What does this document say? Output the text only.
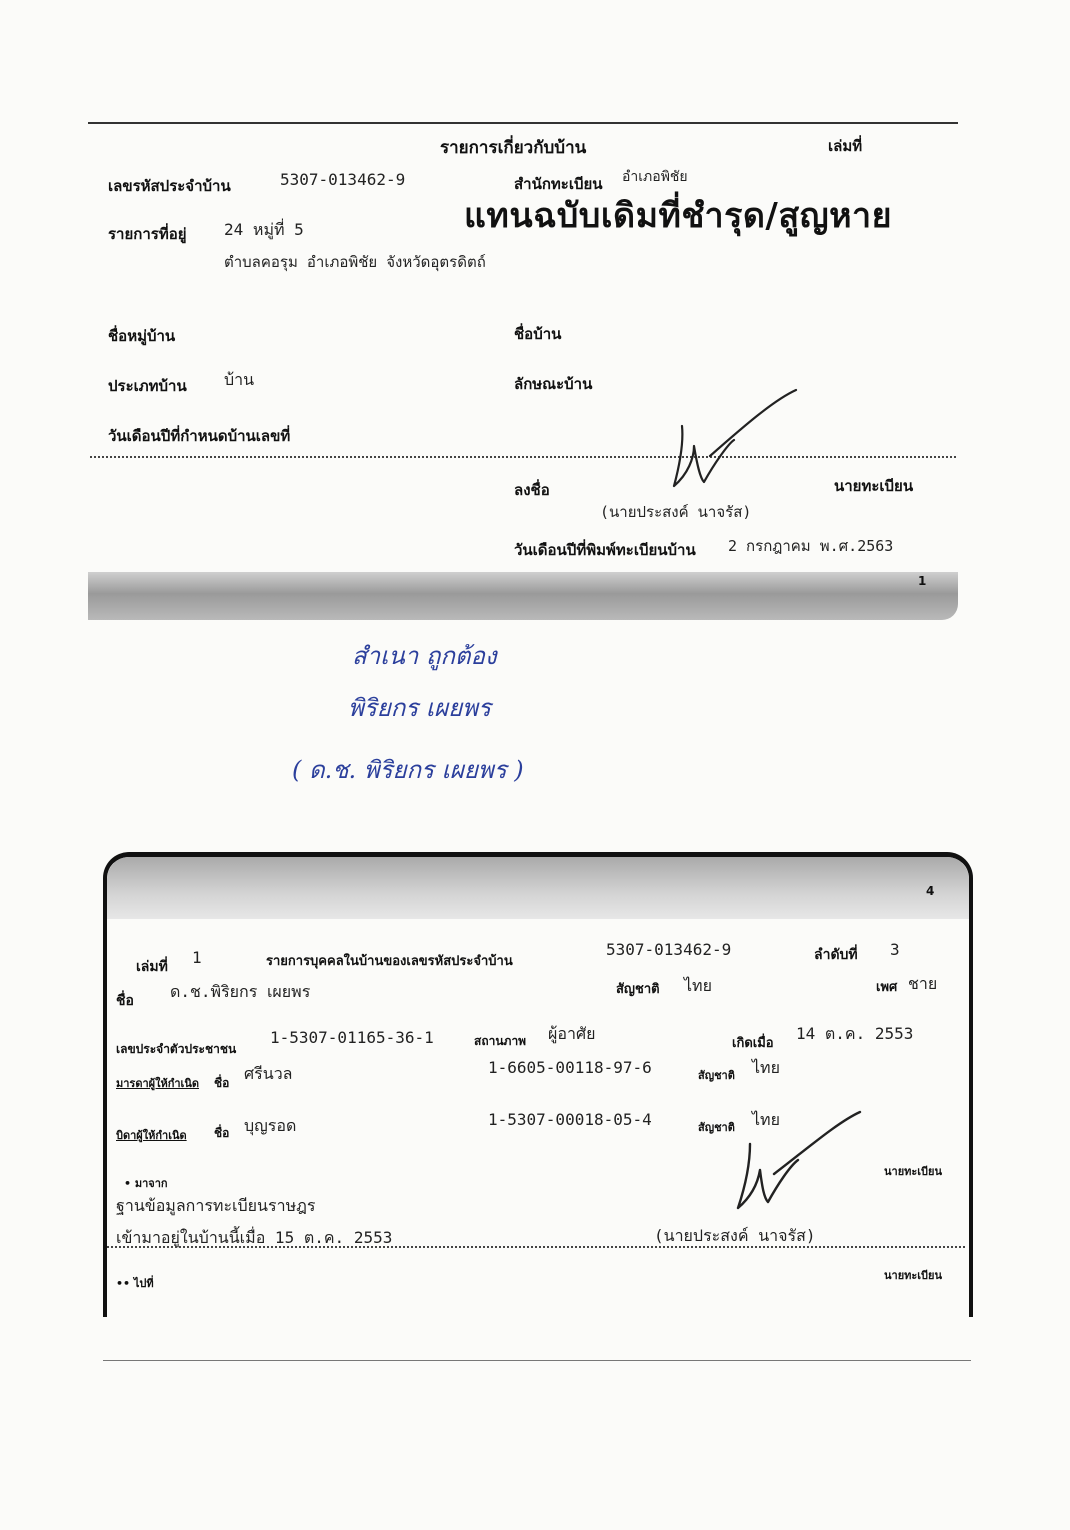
รายการเกี่ยวกับบ้าน	เล่มที่
เลขรหัสประจำบ้าน	5307-013462-9	สำนักทะเบียน อำเภอพิชัย
แทนฉบับเดิมที่ชำรุด/สูญหาย
รายการที่อยู่ 24 หมู่ที่ 5
ตำบลคอรุม อำเภอพิชัย จังหวัดอุตรดิตถ์
ชื่อหมู่บ้าน	ชื่อบ้าน
ประเภทบ้าน บ้าน	ลักษณะบ้าน
วันเดือนปีที่กำหนดบ้านเลขที่
ลงชื่อ	นายทะเบียน
(นายประสงค์ นาจรัส)
วันเดือนปีที่พิมพ์ทะเบียนบ้าน 2 กรกฎาคม พ.ศ.2563
1
สำเนา ถูกต้อง
พิริยกร เผยพร
( ด.ช. พิริยกร เผยพร )
4
เล่มที่ 1	รายการบุคคลในบ้านของเลขรหัสประจำบ้าน
5307-013462-9	ลำดับที่ 3
ชื่อ ด.ช.พิริยกร เผยพร	สัญชาติ ไทย	เพศ ชาย
เลขประจำตัวประชาชน
1-5307-01165-36-1	สถานภาพ ผู้อาศัย
เกิดเมื่อ
14 ต.ค. 2553
มารดาผู้ให้กำเนิด ชื่อ ศรีนวล	1-6605-00118-97-6	สัญชาติ ไทย
บิดาผู้ให้กำเนิด ชื่อ บุญรอด	1-5307-00018-05-4	สัญชาติ ไทย
นายทะเบียน
• มาจาก
ฐานข้อมูลการทะเบียนราษฎร
เข้ามาอยู่ในบ้านนี้เมื่อ 15 ต.ค. 2553	(นายประสงค์ นาจรัส)
•• ไปที่
นายทะเบียน
